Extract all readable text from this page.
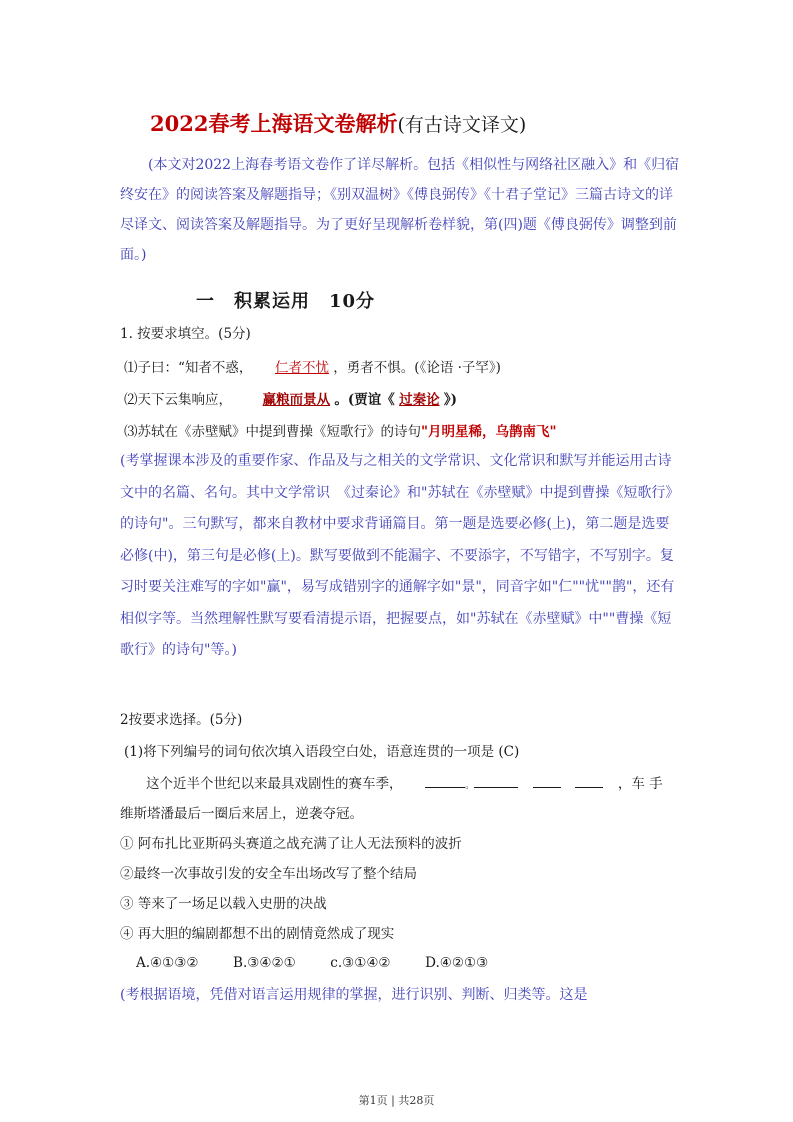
2022春考上海语文卷解析(有古诗文译文)
(本文对2022上海春考语文卷作了详尽解析。包括《相似性与网络社区融入》和《归宿终安在》的阅读答案及解题指导；《别双温树》《傅良弼传》《十君子堂记》三篇古诗文的详尽译文、阅读答案及解题指导。为了更好呈现解析卷样貌，第(四)题《傅良弼传》调整到前面。)
一　积累运用　10分
1. 按要求填空。(5分)
⑴子曰：“知者不惑， 仁者不忧 ，勇者不惧。(《论语 ·子罕》)
⑵天下云集响应， 赢粮而景从 。(贾谊《 过秦论 》)
⑶苏轼在《赤壁赋》中提到曹操《短歌行》的诗句"月明星稀，乌鹊南飞"
(考掌握课本涉及的重要作家、作品及与之相关的文学常识、文化常识和默写并能运用古诗文中的名篇、名句。其中文学常识　《过秦论》和"苏轼在《赤壁赋》中提到曹操《短歌行》的诗句"。三句默写，都来自教材中要求背诵篇目。第一题是选要必修(上)，第二题是选要必修(中)，第三句是必修(上)。默写要做到不能漏字、不要添字，不写错字，不写别字。复习时要关注难写的字如"赢"，易写成错别字的通解字如"景"，同音字如"仁""忧""鹊"，还有相似字等。当然理解性默写要看清提示语，把握要点，如"苏轼在《赤壁赋》中""曹操《短歌行》的诗句"等。)
2按要求选择。(5分)
(1)将下列编号的词句依次填入语段空白处，语意连贯的一项是 (C)
这个近半个世纪以来最具戏剧性的赛车季，	。	，车 手
维斯塔潘最后一圈后来居上，逆袭夺冠。
① 阿布扎比亚斯码头赛道之战充满了让人无法预料的波折
②最终一次事故引发的安全车出场改写了整个结局
③ 等来了一场足以载入史册的决战
④ 再大胆的编剧都想不出的剧情竟然成了现实
A.④①③②	B.③④②①	c.③①④②	D.④②①③
(考根据语境，凭借对语言运用规律的掌握，进行识别、判断、归类等。这是
第1页 | 共28页
